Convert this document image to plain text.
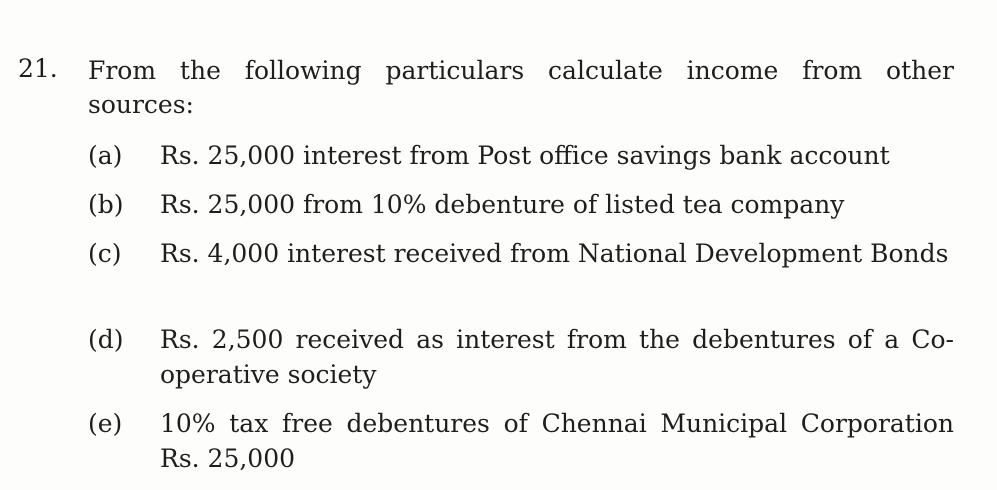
21. From the following particulars calculate income from other sources:
(a) Rs. 25,000 interest from Post office savings bank account
(b) Rs. 25,000 from 10% debenture of listed tea company
(c) Rs. 4,000 interest received from National Development Bonds
(d) Rs. 2,500 received as interest from the debentures of a Co-operative society
(e) 10% tax free debentures of Chennai Municipal Corporation Rs. 25,000
